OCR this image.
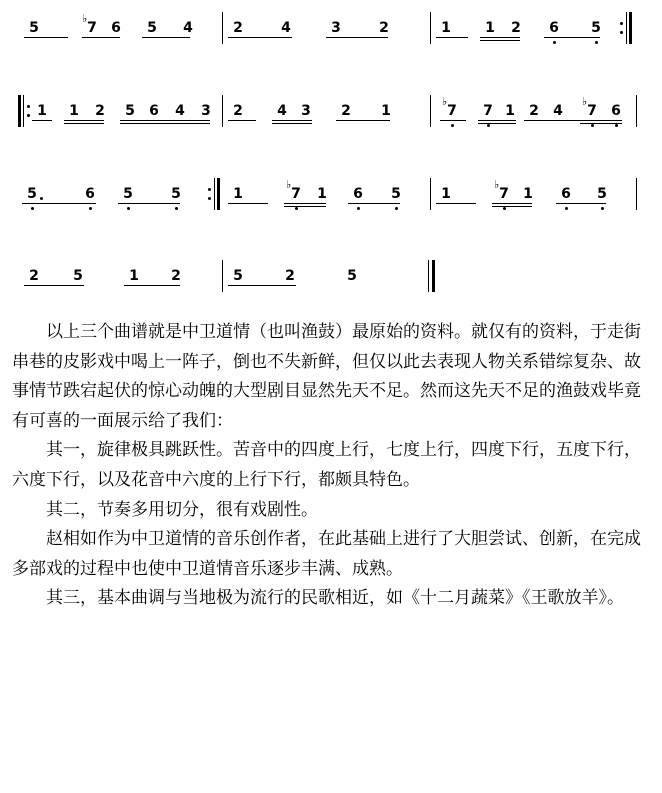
5	7
♭
6 5 4	2	4	3	2	1 1 2 6 5
1 1 2 5 6 4 3 2 4 3 2 1	7
♭
7 1 2 4 7
♭
6
5	6 5	5	1	7
♭
1 6 5	1	7
♭
1 6 5
2 5	1 2	5	2	5

以上三个曲谱就是中卫道情（也叫渔鼓）最原始的资料。就仅有的资料，于走街串巷的皮影戏中喝上一阵子，倒也不失新鲜，但仅以此去表现人物关系错综复杂、故事情节跌宕起伏的惊心动魄的大型剧目显然先天不足。然而这先天不足的渔鼓戏毕竟有可喜的一面展示给了我们：

其一，旋律极具跳跃性。苦音中的四度上行，七度上行，四度下行，五度下行，六度下行，以及花音中六度的上行下行，都颇具特色。

其二，节奏多用切分，很有戏剧性。

赵相如作为中卫道情的音乐创作者，在此基础上进行了大胆尝试、创新，在完成多部戏的过程中也使中卫道情音乐逐步丰满、成熟。

其三，基本曲调与当地极为流行的民歌相近，如《十二月蔬菜》《王歌放羊》。
